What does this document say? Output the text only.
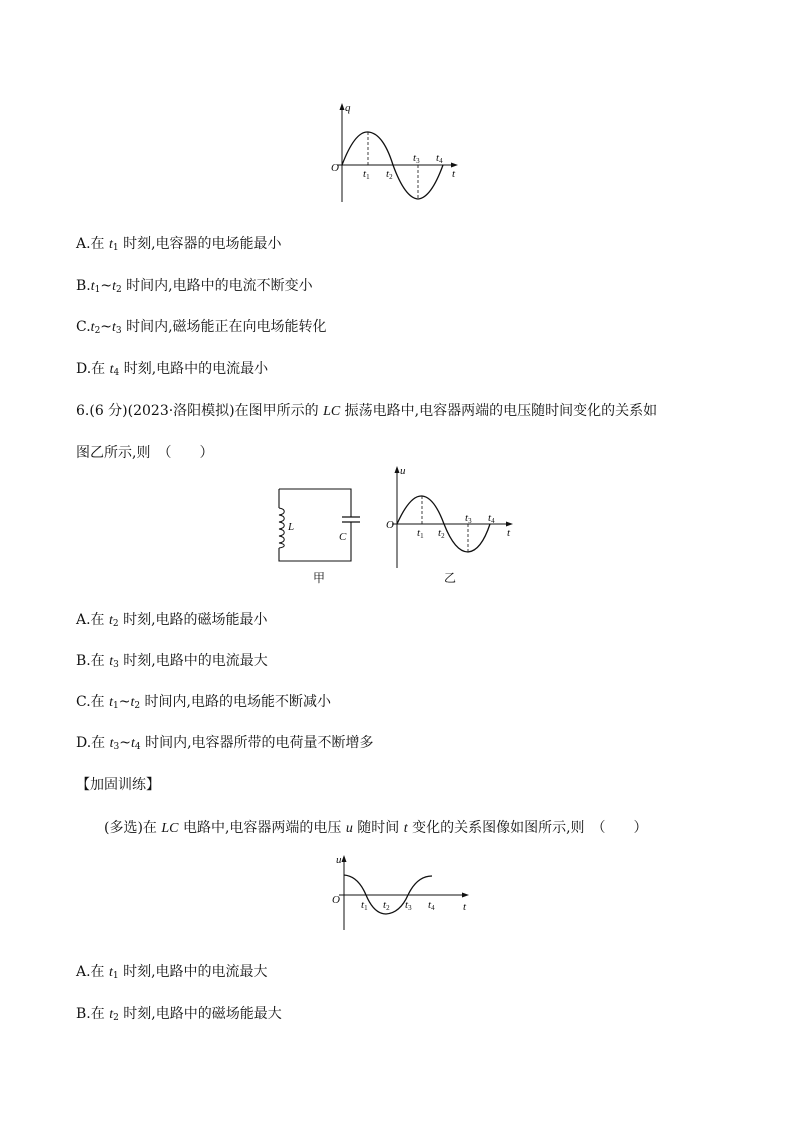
q
O	t
t1 t2
t3 t4
A.在 $t_1$ 时刻,电容器的电场能最小
$B.t_1\sim t_2$ 时间内,电路中的电流不断变小
$C.t_2\sim t_3$ 时间内,磁场能正在向电场能转化
D.在 $t_4$ 时刻,电路中的电流最小
6.(6 分)(2023·洛阳模拟)在图甲所示的 LC 振荡电路中,电容器两端的电压随时间变化的关系如
图乙所示,则　（　　）
L
C
甲
u
O
t
t1 t2
t3 t4
乙
A.在 $t_2$ 时刻,电路的磁场能最小
B.在 $t_3$ 时刻,电路中的电流最大
C.在 $t_1\sim t_2$ 时间内,电路的电场能不断减小
D.在 $t_3\sim t_4$ 时间内,电容器所带的电荷量不断增多
【加固训练】
(多选)在 LC 电路中,电容器两端的电压 u 随时间 t 变化的关系图像如图所示,则　（　　）
u
O
t
t1 t2 t3 t4
A.在 $t_1$ 时刻,电路中的电流最大
B.在 $t_2$ 时刻,电路中的磁场能最大
